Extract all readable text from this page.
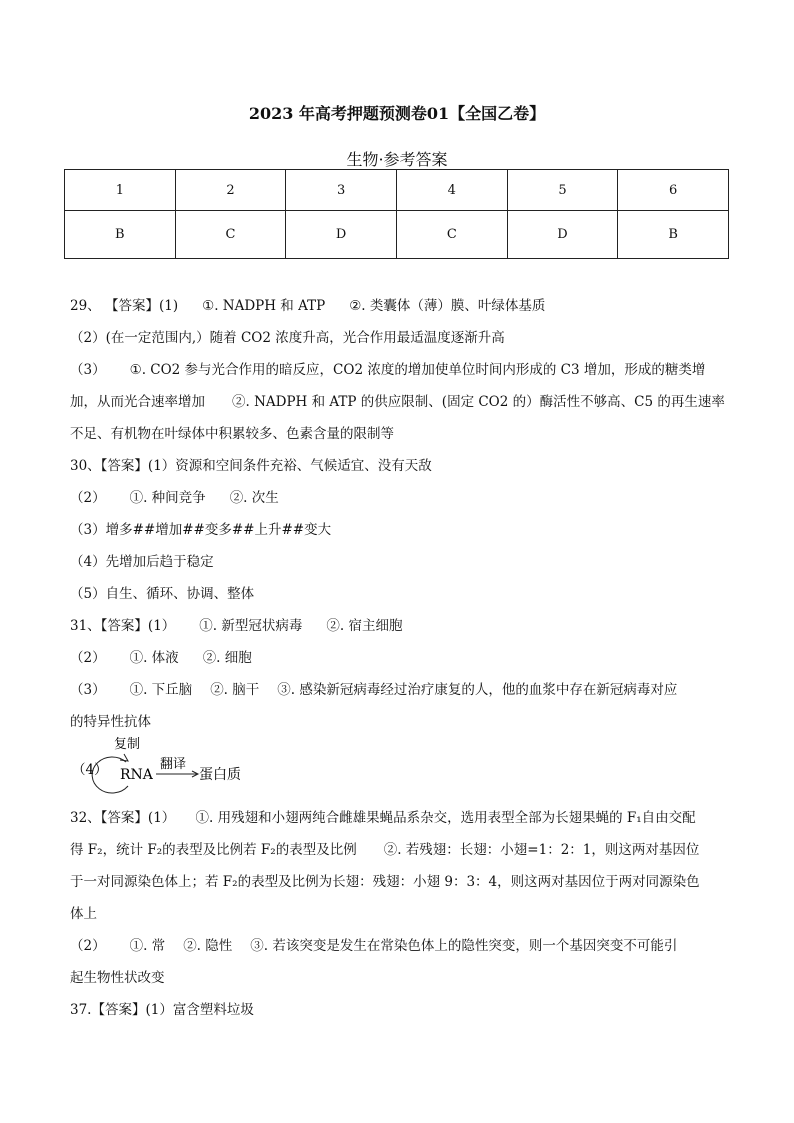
2023 年高考押题预测卷01【全国乙卷】
生物·参考答案
1	2	3	4	5	6
B	C	D	C	D	B
29、 【答案】(1) ①. NADPH 和 ATP ②. 类囊体（薄）膜、叶绿体基质
（2）(在一定范围内,）随着 CO2 浓度升高，光合作用最适温度逐渐升高
（3） ①. CO2 参与光合作用的暗反应，CO2 浓度的增加使单位时间内形成的 C3 增加，形成的糖类增
加，从而光合速率增加　　②. NADPH 和 ATP 的供应限制、(固定 CO2 的）酶活性不够高、C5 的再生速率
不足、有机物在叶绿体中积累较多、色素含量的限制等
30、【答案】(1）资源和空间条件充裕、气候适宜、没有天敌
（2） ①. 种间竞争 ②. 次生
（3）增多##增加##变多##上升##变大
（4）先增加后趋于稳定
（5）自生、循环、协调、整体
31、【答案】(1） ①. 新型冠状病毒 ②. 宿主细胞
（2） ①. 体液 ②. 细胞
（3） ①. 下丘脑 ②. 脑干 ③. 感染新冠病毒经过治疗康复的人，他的血浆中存在新冠病毒对应
的特异性抗体
（4）
复制
RNA
翻译
蛋白质
32、【答案】(1）　　①. 用残翅和小翅两纯合雌雄果蝇品系杂交，选用表型全部为长翅果蝇的 F₁自由交配
得 F₂，统计 F₂的表型及比例若 F₂的表型及比例　　②. 若残翅：长翅：小翅=1：2：1，则这两对基因位
于一对同源染色体上；若 F₂的表型及比例为长翅：残翅：小翅 9：3：4，则这两对基因位于两对同源染色
体上
（2） ①. 常 ②. 隐性 ③. 若该突变是发生在常染色体上的隐性突变，则一个基因突变不可能引
起生物性状改变
37.【答案】(1）富含塑料垃圾
